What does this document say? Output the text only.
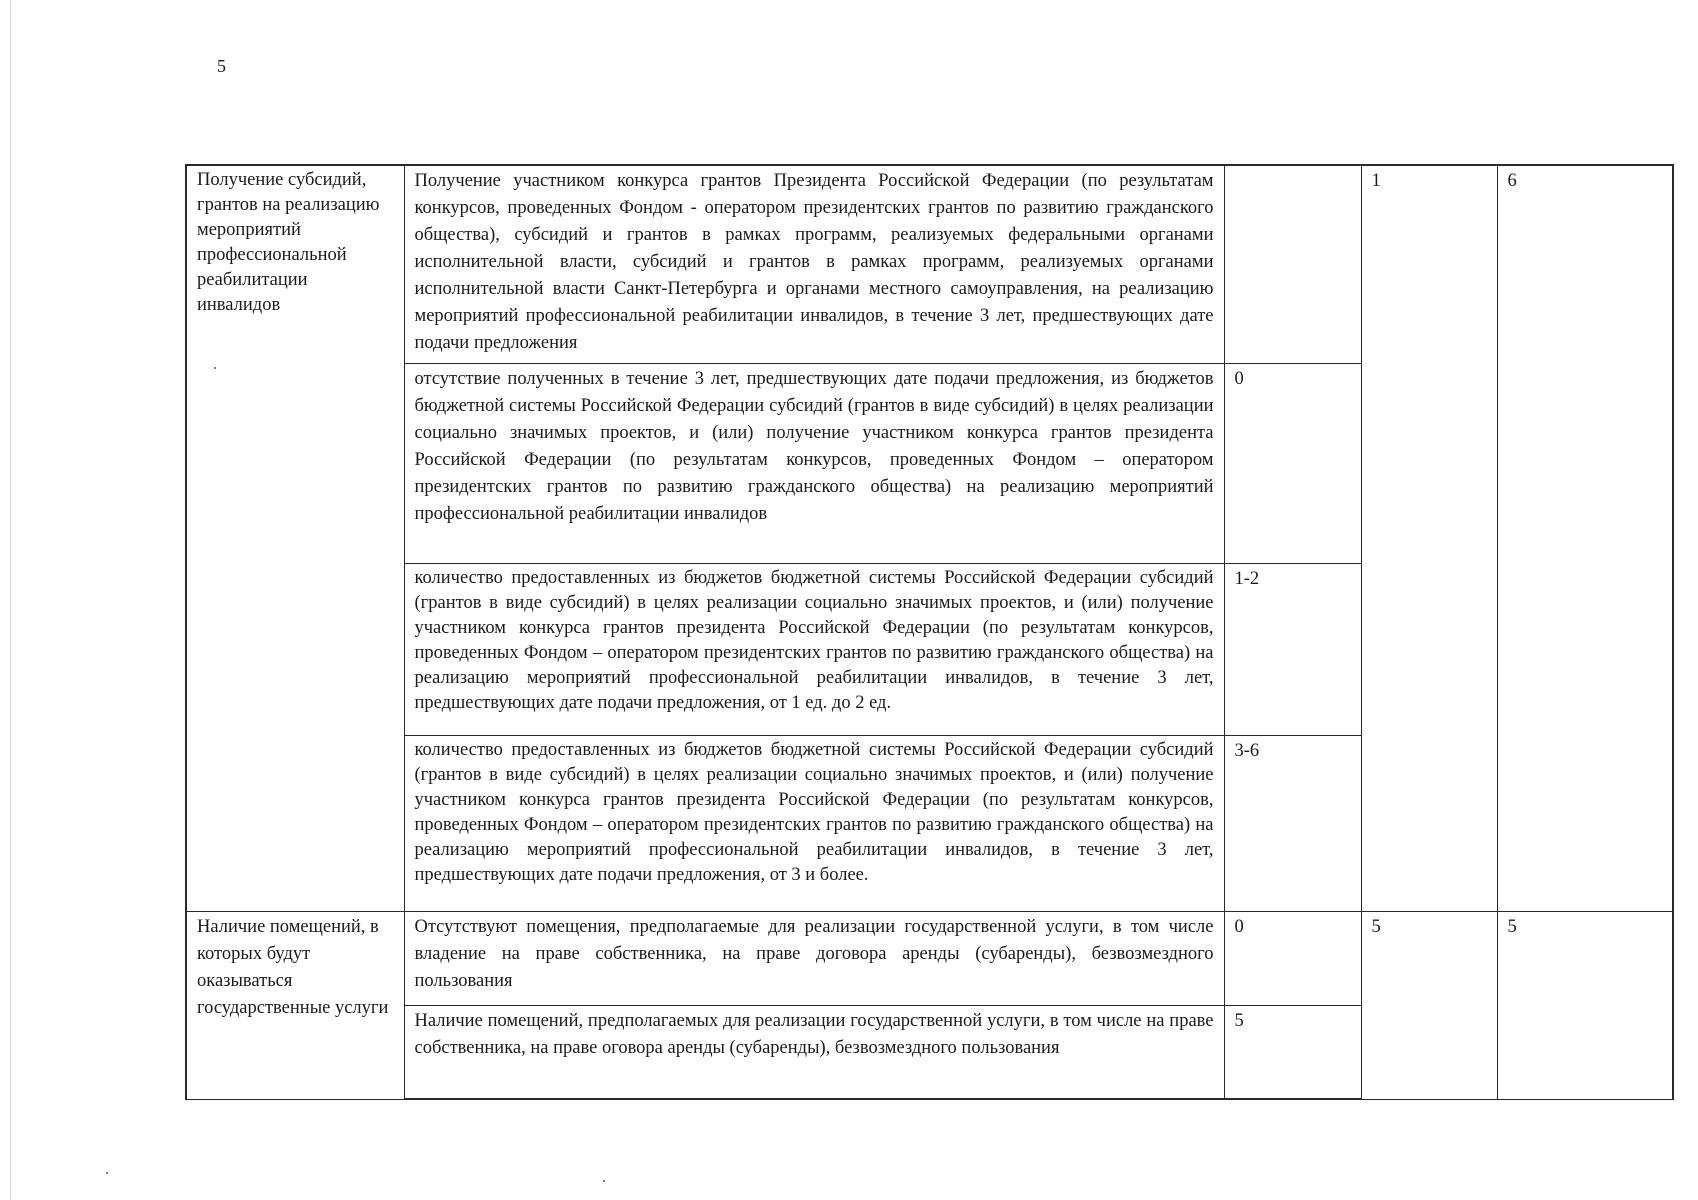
5
Получение субсидий, грантов на реализацию мероприятий профессиональной реабилитации инвалидов	Получение участником конкурса грантов Президента Российской Федерации (по результатам конкурсов, проведенных Фондом - оператором президентских грантов по развитию гражданского общества), субсидий и грантов в рамках программ, реализуемых федеральными органами исполнительной власти, субсидий и грантов в рамках программ, реализуемых органами исполнительной власти Санкт-Петербурга и органами местного самоуправления, на реализацию мероприятий профессиональной реабилитации инвалидов, в течение 3 лет, предшествующих дате подачи предложения		1	6
	отсутствие полученных в течение 3 лет, предшествующих дате подачи предложения, из бюджетов бюджетной системы Российской Федерации субсидий (грантов в виде субсидий) в целях реализации социально значимых проектов, и (или) получение участником конкурса грантов президента Российской Федерации (по результатам конкурсов, проведенных Фондом – оператором президентских грантов по развитию гражданского общества) на реализацию мероприятий профессиональной реабилитации инвалидов	0		
	количество предоставленных из бюджетов бюджетной системы Российской Федерации субсидий (грантов в виде субсидий) в целях реализации социально значимых проектов, и (или) получение участником конкурса грантов президента Российской Федерации (по результатам конкурсов, проведенных Фондом – оператором президентских грантов по развитию гражданского общества) на реализацию мероприятий профессиональной реабилитации инвалидов, в течение 3 лет, предшествующих дате подачи предложения, от 1 ед. до 2 ед.	1-2		
	количество предоставленных из бюджетов бюджетной системы Российской Федерации субсидий (грантов в виде субсидий) в целях реализации социально значимых проектов, и (или) получение участником конкурса грантов президента Российской Федерации (по результатам конкурсов, проведенных Фондом – оператором президентских грантов по развитию гражданского общества) на реализацию мероприятий профессиональной реабилитации инвалидов, в течение 3 лет, предшествующих дате подачи предложения, от 3 и более.	3-6		
Наличие помещений, в которых будут оказываться государственные услуги	Отсутствуют помещения, предполагаемые для реализации государственной услуги, в том числе владение на праве собственника, на праве договора аренды (субаренды), безвозмездного пользования	0	5	5
	Наличие помещений, предполагаемых для реализации государственной услуги, в том числе на праве собственника, на праве оговора аренды (субаренды), безвозмездного пользования	5		
